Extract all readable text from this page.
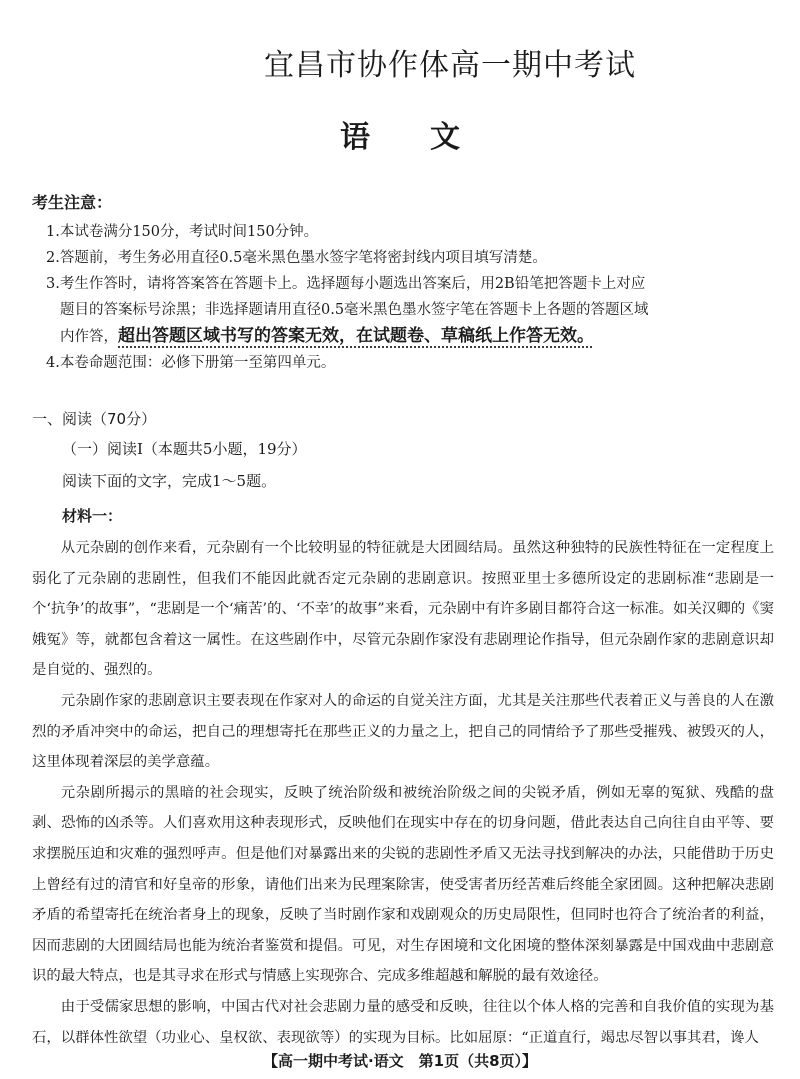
宜昌市协作体高一期中考试
语文
考生注意：
1.本试卷满分150分，考试时间150分钟。
2.答题前，考生务必用直径0.5毫米黑色墨水签字笔将密封线内项目填写清楚。
3.考生作答时，请将答案答在答题卡上。选择题每小题选出答案后，用2B铅笔把答题卡上对应题目的答案标号涂黑；非选择题请用直径0.5毫米黑色墨水签字笔在答题卡上各题的答题区域内作答，超出答题区域书写的答案无效，在试题卷、草稿纸上作答无效。
4.本卷命题范围：必修下册第一至第四单元。
一、阅读（70分）
（一）阅读Ⅰ（本题共5小题，19分）
阅读下面的文字，完成1～5题。
材料一：

从元杂剧的创作来看，元杂剧有一个比较明显的特征就是大团圆结局。虽然这种独特的民族性特征在一定程度上弱化了元杂剧的悲剧性，但我们不能因此就否定元杂剧的悲剧意识。按照亚里士多德所设定的悲剧标准“悲剧是一个‘抗争’的故事”，“悲剧是一个‘痛苦’的、‘不幸’的故事”来看，元杂剧中有许多剧目都符合这一标准。如关汉卿的《窦娥冤》等，就都包含着这一属性。在这些剧作中，尽管元杂剧作家没有悲剧理论作指导，但元杂剧作家的悲剧意识却是自觉的、强烈的。

元杂剧作家的悲剧意识主要表现在作家对人的命运的自觉关注方面，尤其是关注那些代表着正义与善良的人在激烈的矛盾冲突中的命运，把自己的理想寄托在那些正义的力量之上，把自己的同情给予了那些受摧残、被毁灭的人，这里体现着深层的美学意蕴。

元杂剧所揭示的黑暗的社会现实，反映了统治阶级和被统治阶级之间的尖锐矛盾，例如无辜的冤狱、残酷的盘剥、恐怖的凶杀等。人们喜欢用这种表现形式，反映他们在现实中存在的切身问题，借此表达自己向往自由平等、要求摆脱压迫和灾难的强烈呼声。但是他们对暴露出来的尖锐的悲剧性矛盾又无法寻找到解决的办法，只能借助于历史上曾经有过的清官和好皇帝的形象，请他们出来为民理案除害，使受害者历经苦难后终能全家团圆。这种把解决悲剧矛盾的希望寄托在统治者身上的现象，反映了当时剧作家和戏剧观众的历史局限性，但同时也符合了统治者的利益，因而悲剧的大团圆结局也能为统治者鉴赏和提倡。可见，对生存困境和文化困境的整体深刻暴露是中国戏曲中悲剧意识的最大特点，也是其寻求在形式与情感上实现弥合、完成多维超越和解脱的最有效途径。

由于受儒家思想的影响，中国古代对社会悲剧力量的感受和反映，往往以个体人格的完善和自我价值的实现为基石，以群体性欲望（功业心、皇权欲、表现欲等）的实现为目标。比如屈原：“正道直行，竭忠尽智以事其君，谗人

【高一期中考试·语文　第1页（共8页）】
